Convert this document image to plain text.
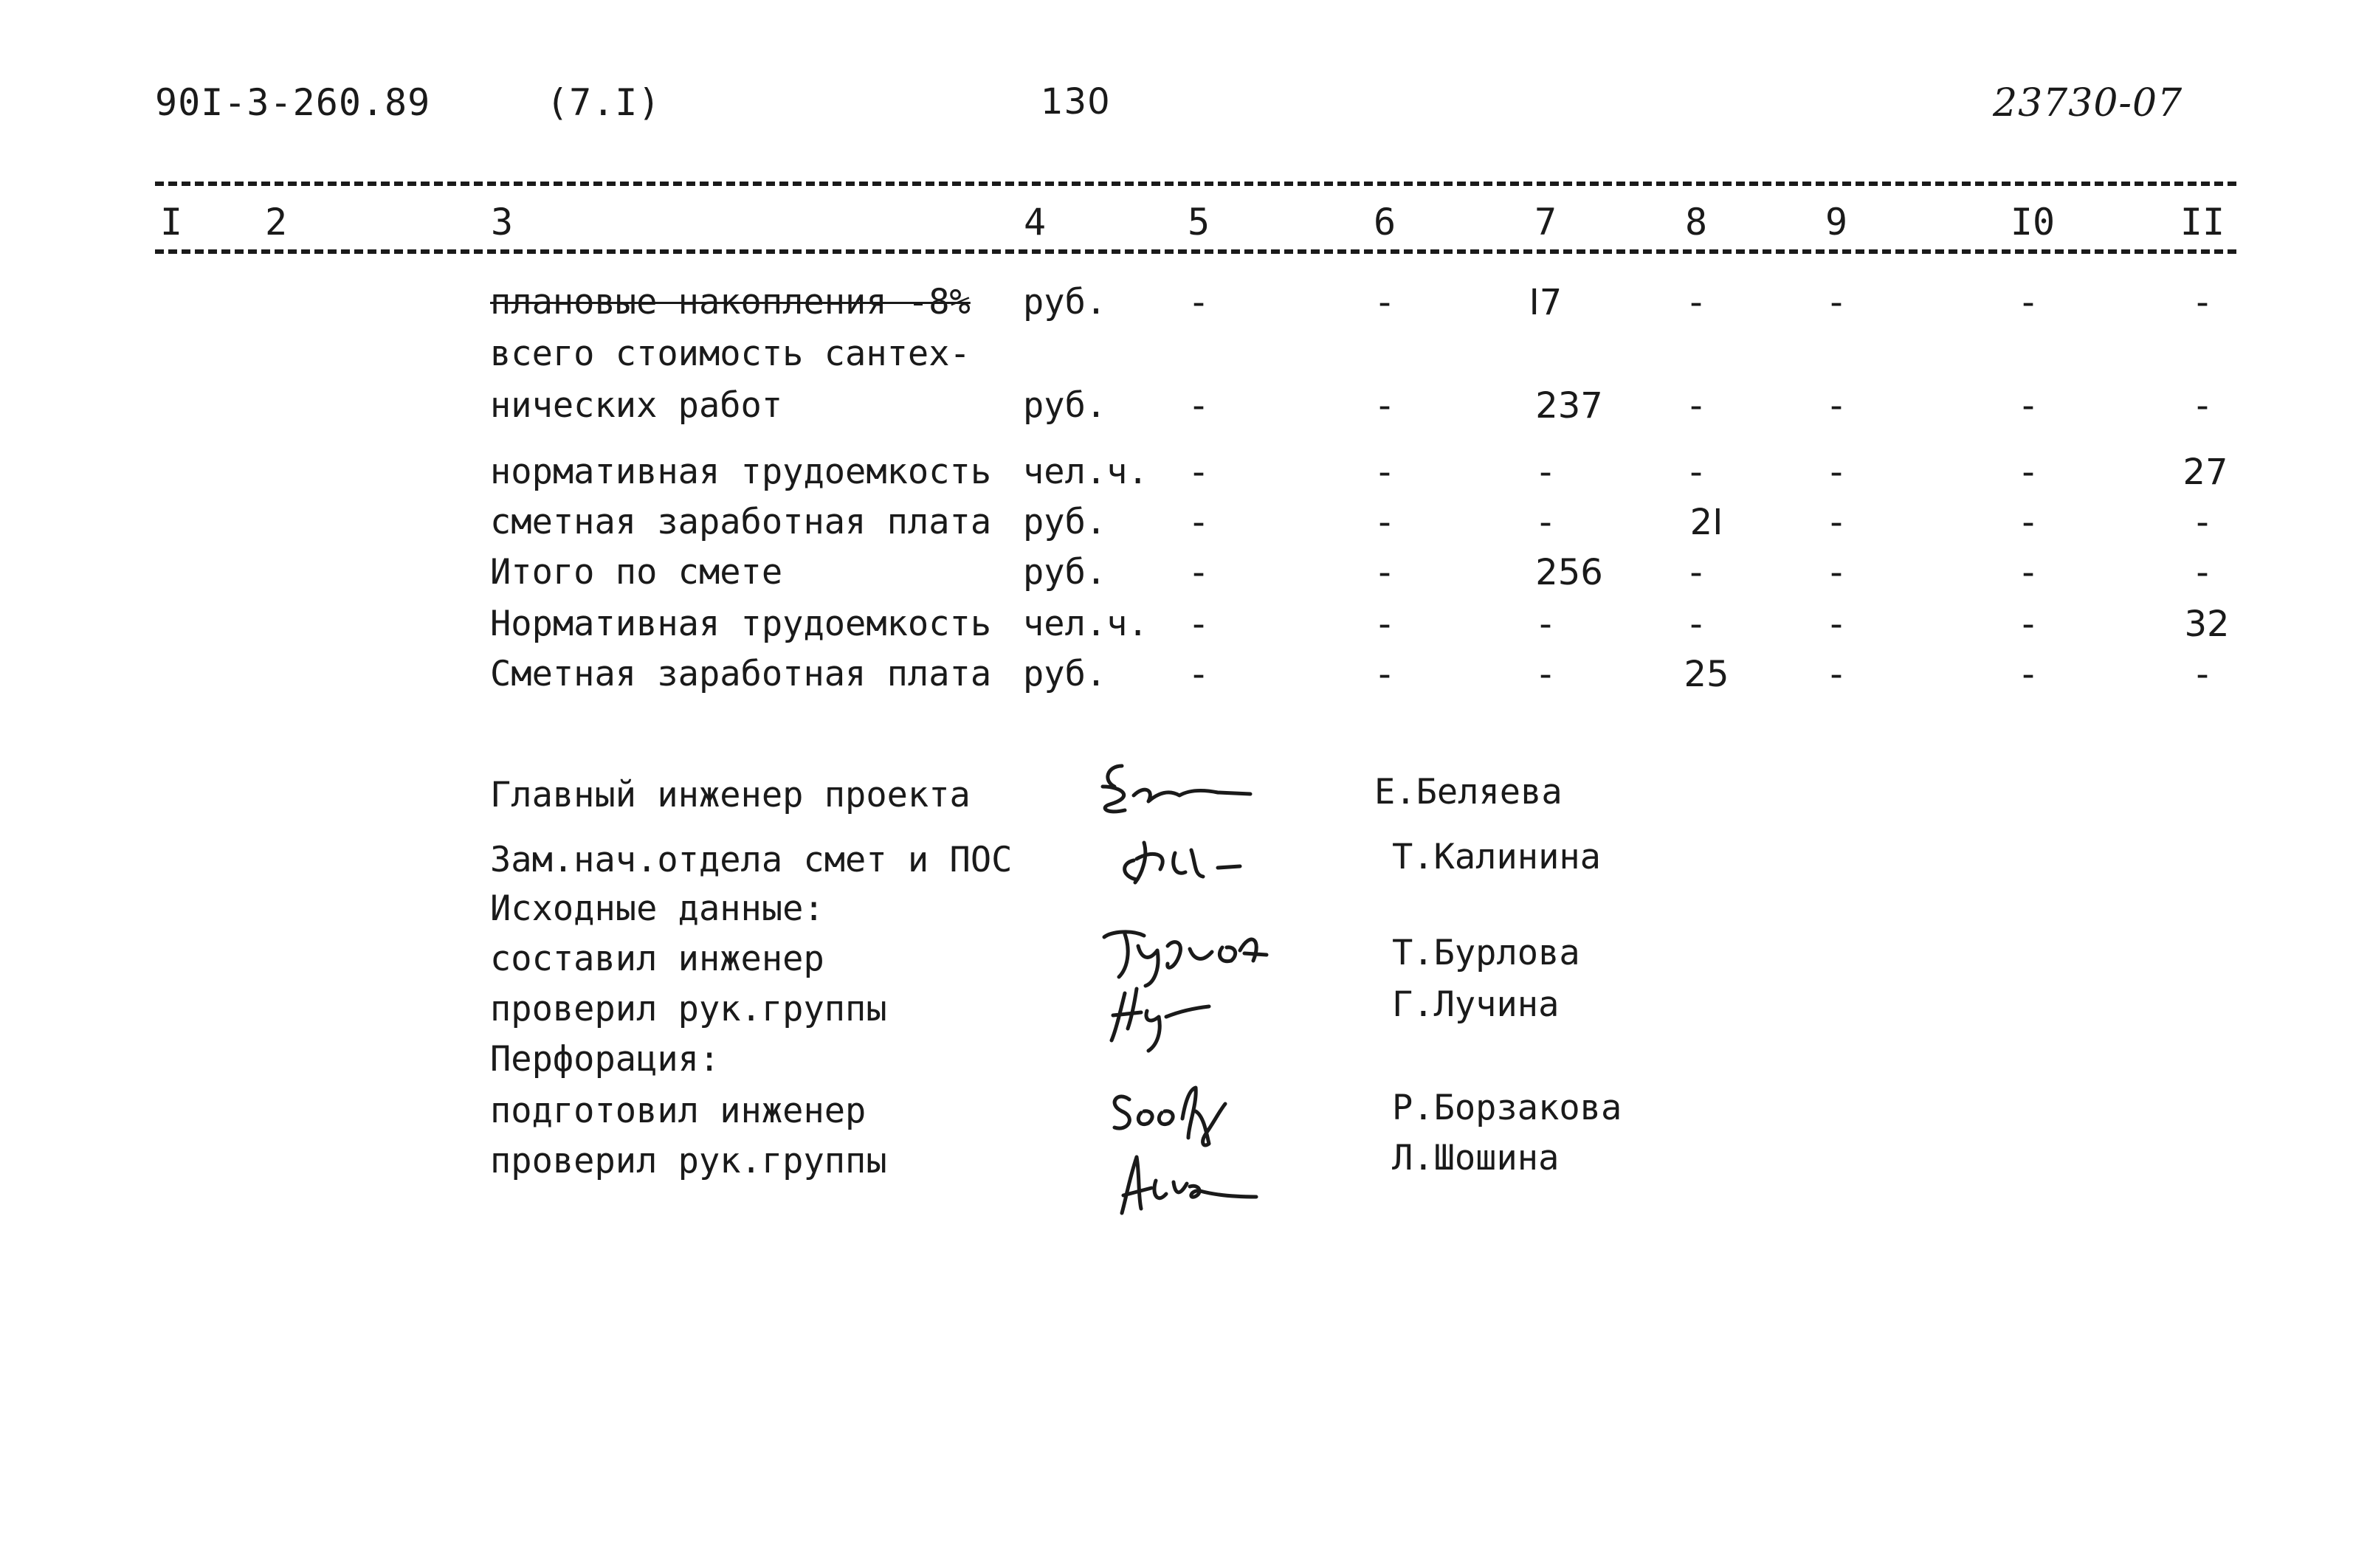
90I-3-260.89	(7.I)	130	23730-07
I 2	3	4	5	6	7	8	9	I0	II
плановые накопления -8% руб. -	-	I7	-	-	-	-
всего стоимость сантех-
нических работ	руб. -	-	237 -	-	-	-
нормативная трудоемкость чел.ч. -	-	-	-	-	-	27
сметная заработная плата руб. -	-	-	2I	-	-	-
Итого по смете	руб. -	-	256 -	-	-	-
Нормативная трудоемкость чел.ч. -	-	-	-	-	-	32
Сметная заработная плата руб. -	-	-	25	-	-	-
Главный инженер проекта	Е.Беляева
Зам.нач.отдела смет и ПОС	Т.Калинина
Исходные данные:
составил инженер	Т.Бурлова
проверил рук.группы	Г.Лучина
Перфорация:
подготовил инженер	Р.Борзакова
проверил рук.группы	Л.Шошина
